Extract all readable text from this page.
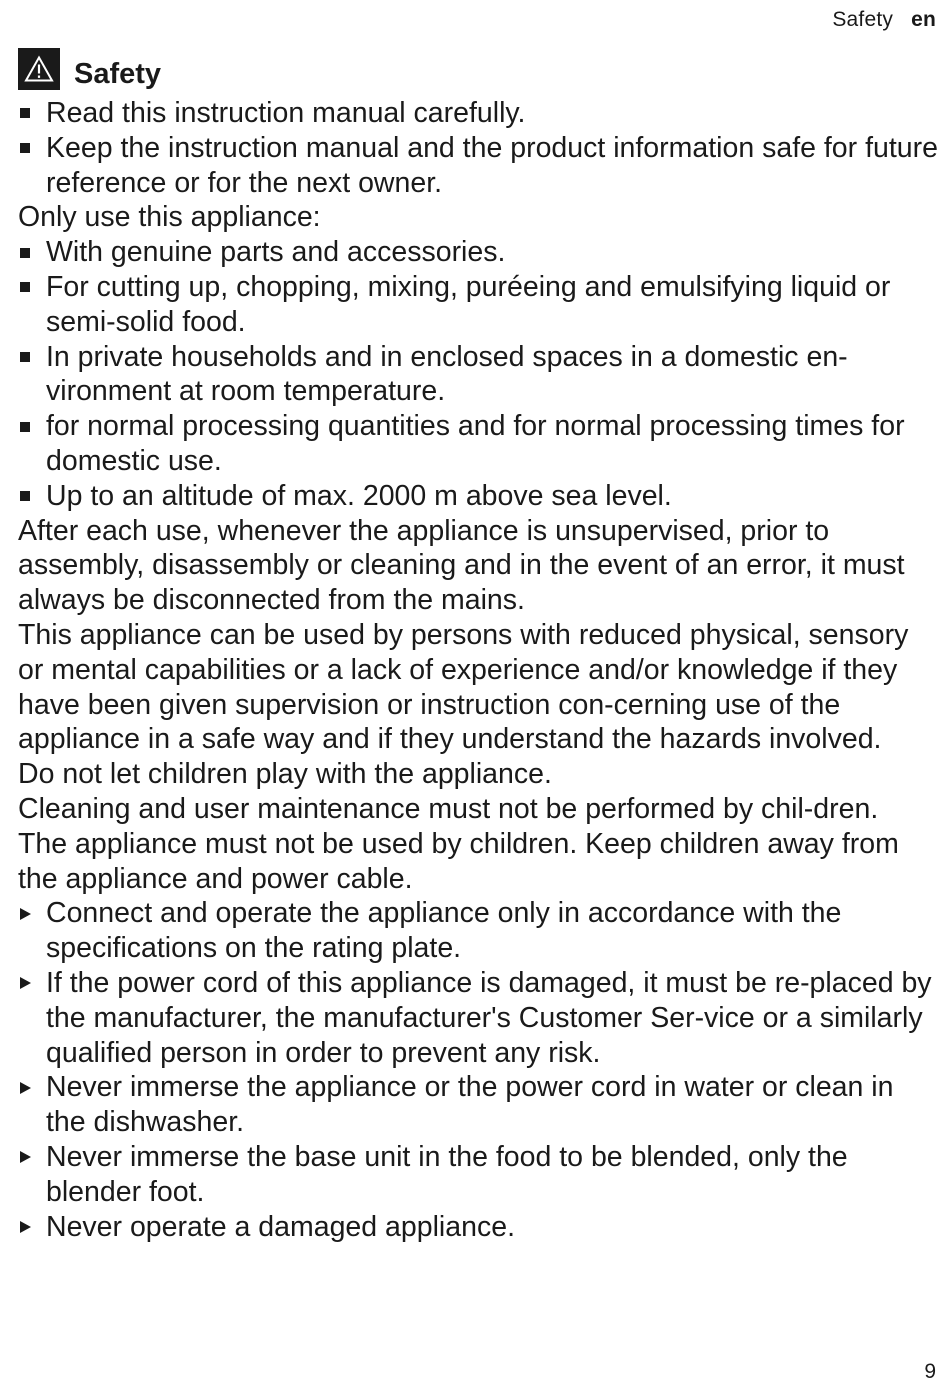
Safety en
Safety
Read this instruction manual carefully.
Keep the instruction manual and the product information safe for future reference or for the next owner.

Only use this appliance:

With genuine parts and accessories.
For cutting up, chopping, mixing, puréeing and emulsifying liquid or semi-solid food.
In private households and in enclosed spaces in a domestic en-vironment at room temperature.
for normal processing quantities and for normal processing times for domestic use.
Up to an altitude of max. 2000 m above sea level.

After each use, whenever the appliance is unsupervised, prior to assembly, disassembly or cleaning and in the event of an error, it must always be disconnected from the mains.

This appliance can be used by persons with reduced physical, sensory or mental capabilities or a lack of experience and/or knowledge if they have been given supervision or instruction con-cerning use of the appliance in a safe way and if they understand the hazards involved.

Do not let children play with the appliance.

Cleaning and user maintenance must not be performed by chil-dren.

The appliance must not be used by children. Keep children away from the appliance and power cable.

Connect and operate the appliance only in accordance with the specifications on the rating plate.
If the power cord of this appliance is damaged, it must be re-placed by the manufacturer, the manufacturer's Customer Ser-vice or a similarly qualified person in order to prevent any risk.
Never immerse the appliance or the power cord in water or clean in the dishwasher.
Never immerse the base unit in the food to be blended, only the blender foot.
Never operate a damaged appliance.
9
